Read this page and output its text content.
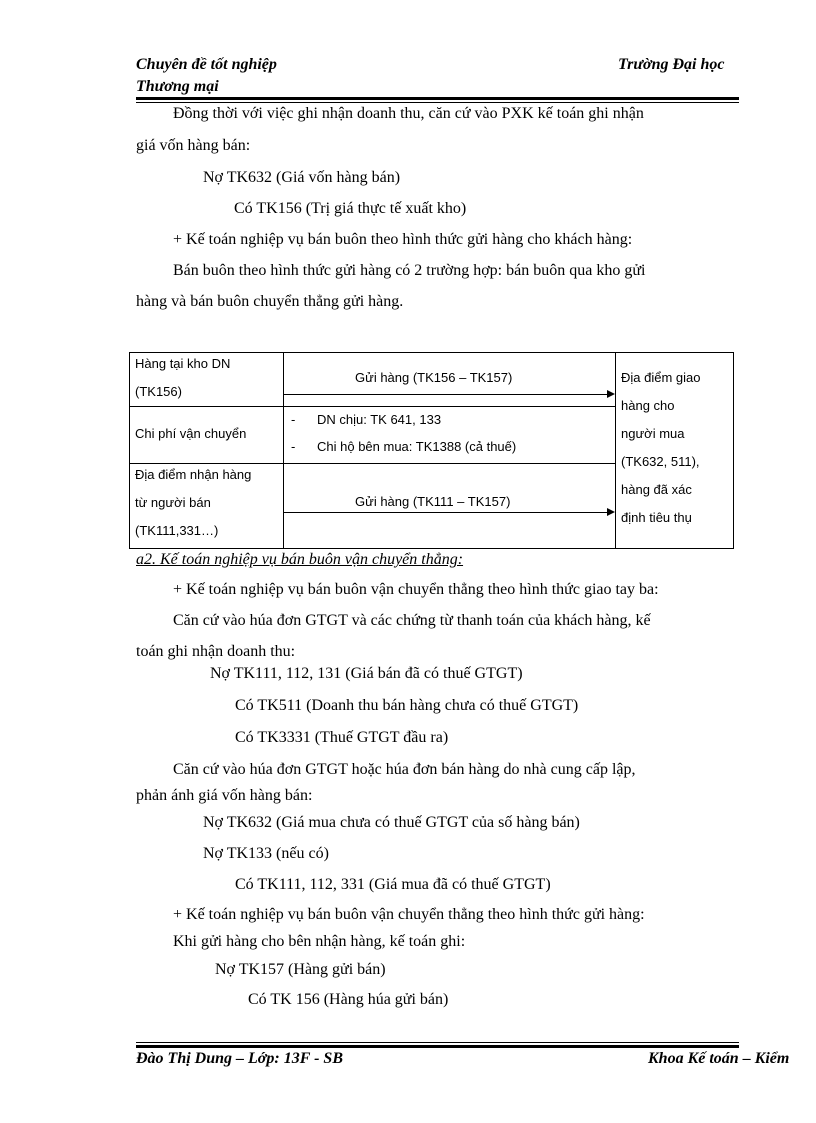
Chuyên đề tốt nghiệp
Thương mại
Trường Đại học
Đồng thời với việc ghi nhận doanh thu, căn cứ vào PXK kế toán ghi nhận
giá vốn hàng bán:
Nợ TK632 (Giá vốn hàng bán)
Có TK156 (Trị giá thực tế xuất kho)
+ Kế toán nghiệp vụ bán buôn theo hình thức gửi hàng cho khách hàng:
Bán buôn theo hình thức gửi hàng có 2 trường hợp: bán buôn qua kho gửi
hàng và bán buôn chuyển thẳng gửi hàng.
Hàng tại kho DN
(TK156)
Gửi hàng (TK156 – TK157)
Chi phí vận chuyển
- DN chịu: TK 641, 133
- Chi hộ bên mua: TK1388 (cả thuế)
Địa điểm nhận hàng
từ người bán
(TK111,331…)
Gửi hàng (TK111 – TK157)
Địa điểm giao
hàng cho
người mua
(TK632, 511),
hàng đã xác
định tiêu thụ
a2. Kế toán nghiệp vụ bán buôn vận chuyển thẳng:
+ Kế toán nghiệp vụ bán buôn vận chuyển thẳng theo hình thức giao tay ba:
Căn cứ vào húa đơn GTGT và các chứng từ thanh toán của khách hàng, kế
toán ghi nhận doanh thu:
Nợ TK111, 112, 131 (Giá bán đã có thuế GTGT)
Có TK511 (Doanh thu bán hàng chưa có thuế GTGT)
Có TK3331 (Thuế GTGT đầu ra)
Căn cứ vào húa đơn GTGT hoặc húa đơn bán hàng do nhà cung cấp lập,
phản ánh giá vốn hàng bán:
Nợ TK632 (Giá mua chưa có thuế GTGT của số hàng bán)
Nợ TK133 (nếu có)
Có TK111, 112, 331 (Giá mua đã có thuế GTGT)
+ Kế toán nghiệp vụ bán buôn vận chuyển thẳng theo hình thức gửi hàng:
Khi gửi hàng cho bên nhận hàng, kế toán ghi:
Nợ TK157 (Hàng gửi bán)
Có TK 156 (Hàng húa gửi bán)
Đào Thị Dung – Lớp: 13F - SB	Khoa Kế toán – Kiểm
